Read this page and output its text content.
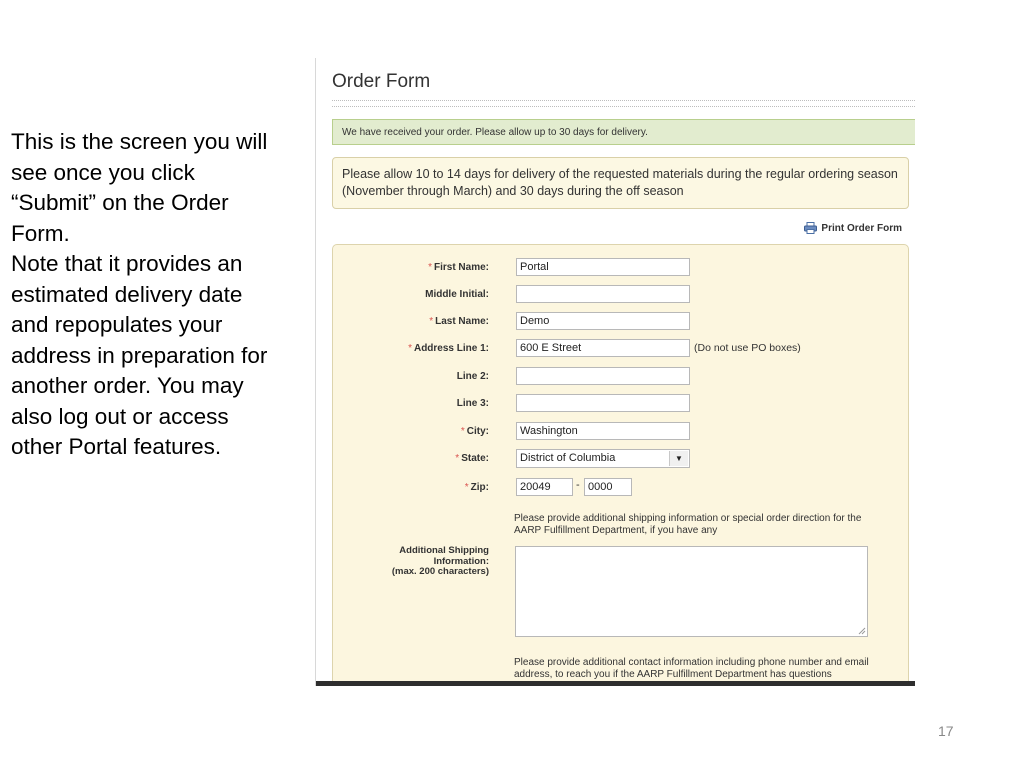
This is the screen you will see once you click “Submit” on the Order Form.

Note that it provides an estimated delivery date and repopulates your address in preparation for another order. You may also log out or access other Portal features.

17
Order Form
We have received your order. Please allow up to 30 days for delivery.
Please allow 10 to 14 days for delivery of the requested materials during the regular ordering season (November through March) and 30 days during the off season
Print Order Form
* First Name:	Portal
Middle Initial:
* Last Name:	Demo
* Address Line 1:	600 E Street	(Do not use PO boxes)
Line 2:
Line 3:
* City:	Washington
* State:	District of Columbia	▼
* Zip:	20049	- 0000
Please provide additional shipping information or special order direction for the AARP Fulfillment Department, if you have any
Additional Shipping
Information:
(max. 200 characters)
Please provide additional contact information including phone number and email address, to reach you if the AARP Fulfillment Department has questions
